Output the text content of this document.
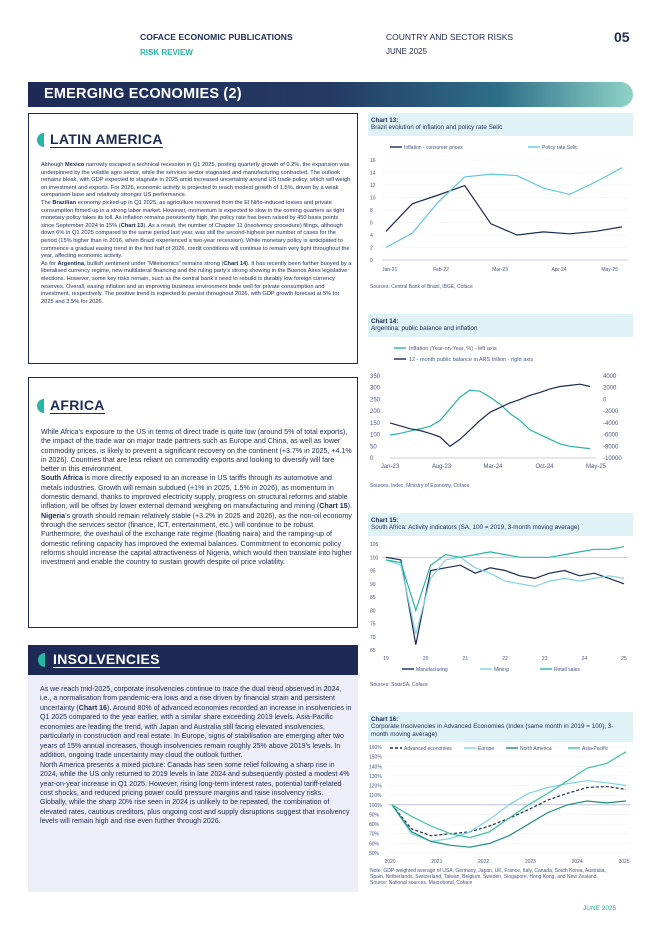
COFACE ECONOMIC PUBLICATIONS
RISK REVIEW
COUNTRY AND SECTOR RISKS
JUNE 2025
05
EMERGING ECONOMIES (2)
LATIN AMERICA

Although Mexico narrowly escaped a technical recession in Q1 2025, posting quarterly growth of 0.2%, the expansion was underpinned by the volatile agro sector, while the services sector stagnated and manufacturing contracted. The outlook remains bleak, with GDP expected to stagnate in 2025 amid increased uncertainty around US trade policy, which will weigh on investment and exports. For 2026, economic activity is projected to reach modest growth of 1.5%, driven by a weak comparison base and relatively stronger US performance.

The Brazilian economy picked up in Q1 2025, as agriculture recovered from the El Niño-induced losses and private consumption firmed up in a strong labor market. However, momentum is expected to slow in the coming quarters as tight monetary policy takes its toll. As inflation remains persistently high, the policy rate has been raised by 450 basis points since September 2024 to 15% (Chart 13). As a result, the number of Chapter 11 (insolvency procedure) filings, although down 6% in Q1 2025 compared to the same period last year, was still the second-highest per number of cases for the period (15% higher than in 2016, when Brazil experienced a two-year recession). While monetary policy is anticipated to commence a gradual easing trend in the first half of 2026, credit conditions will continue to remain very tight throughout the year, affecting economic activity.

As for Argentina, bullish sentiment under “Mileinomics” remains strong (Chart 14). It has recently been further buoyed by a liberalised currency regime, new multilateral financing and the ruling party’s strong showing in the Buenos Aires legislative elections. However, some key risks remain, such as the central bank’s need to rebuild is durably low foreign currency reserves. Overall, easing inflation and an improving business environment bode well for private consumption and investment, respectively. The positive trend is expected to persist throughout 2026, with GDP growth forecast at 5% for 2025 and 3.5% for 2026.

AFRICA

While Africa’s exposure to the US in terms of direct trade is quite low (around 5% of total exports), the impact of the trade war on major trade partners such as Europe and China, as well as lower commodity prices, is likely to prevent a significant recovery on the continent (+3.7% in 2025, +4.1% in 2026). Countries that are less reliant on commodity exports and looking to diversify will fare better in this environment.

South Africa is more directly exposed to an increase in US tariffs through its automotive and metals industries. Growth will remain subdued (+1% in 2025, 1.5% in 2026), as momentum in domestic demand, thanks to improved electricity supply, progress on structural reforms and stable inflation, will be offset by lower external demand weighing on manufacturing and mining (Chart 15).

Nigeria’s growth should remain relatively stable (+3.2% in 2025 and 2026), as the non-oil economy through the services sector (finance, ICT, entertainment, etc.) will continue to be robust. Furthermore, the overhaul of the exchange rate regime (floating naira) and the ramping-up of domestic refining capacity has improved the external balances. Commitment to economic policy reforms should increase the capital attractiveness of Nigeria, which would then translate into higher investment and enable the country to sustain growth despite oil price volatility.

INSOLVENCIES

As we reach mid-2025, corporate insolvencies continue to trace the dual trend observed in 2024, i.e., a normalisation from pandemic-era lows and a rise driven by financial strain and persistent uncertainty (Chart 16). Around 80% of advanced economies recorded an increase in insolvencies in Q1 2025 compared to the year earlier, with a similar share exceeding 2019 levels. Asia-Pacific economies are leading the trend, with Japan and Australia still facing elevated insolvencies, particularly in construction and real estate. In Europe, signs of stabilisation are emerging after two years of 15% annual increases, though insolvencies remain roughly 25% above 2019’s levels. In addition, ongoing trade uncertainty may cloud the outlook further.

North America presents a mixed picture: Canada has seen some relief following a sharp rise in 2024, while the US only returned to 2019 levels in late 2024 and subsequently posted a modest 4% year-on-year increase in Q1 2025. However, rising long-term interest rates, potential tariff-related cost shocks, and reduced pricing power could pressure margins and raise insolvency risks. Globally, while the sharp 20% rise seen in 2024 is unlikely to be repeated, the combination of elevated rates, cautious creditors, plus ongoing cost and supply disruptions suggest that insolvency levels will remain high and rise even further through 2026.

Chart 13:
Brazil evolution of inflation and policy rate Selic
Inflation - consumer prices	Policy rate Selic
0
2
4
6
8
10
12
14
16
Jan-21	Feb-22	Mar-23	Apr-24	May-25
Sources: Central Bank of Brazil, IBGE, Coface
Chart 14:
Argentina: public balance and inflation
Inflation (Year-on-Year, %) - left axis
12 - month public balance in ARS trillion - right axis
0
50
100
150
200
250
300
350
-10000
-8000
-6000
-4000
-2000
0
2000
4000
Jan-23	Aug-23	Mar-24	Oct-24	May-25
Sources: Indec, Ministry of Economy, Coface
Chart 15:
South Africa: Activity indicators (SA, 100 = 2019, 3-month moving average)
65
70
75
80
85
90
95
100
105
19	20	21	22	23	24	25
Manufacturing	Mining	Retail sales
Sources: StatsSA, Coface
Chart 16:
Corporate Insolvencies in Advanced Economies (Index (same month in 2019 = 100), 3-month moving average)
50%
60%
70%
80%
90%
100%
110%
120%
130%
140%
150%
160%	Advanced economies	Europe	North America	Asia-Pacific
2020	2021	2022	2023	2024	2025
Note: GDP-weighted average of USA, Germany, Japan, UK, France, Italy, Canada, South Korea, Australia,
Spain, Netherlands, Switzerland, Taiwan, Belgium, Sweden, Singapore, Hong Kong, and New Zealand.
Source: National sources, Macrobond, Coface
JUNE 2025
